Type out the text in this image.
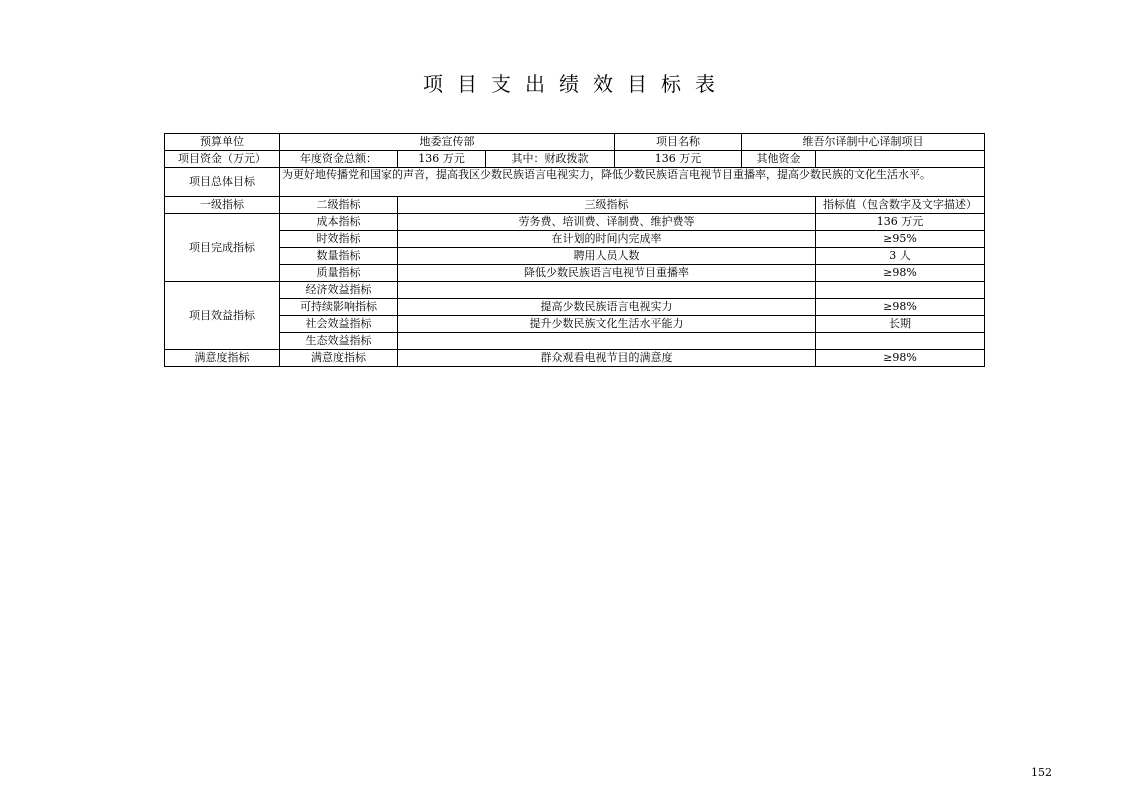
项目支出绩效目标表
预算单位	地委宣传部			项目名称	维吾尔译制中心译制项目	
项目资金（万元）	年度资金总额：	136 万元	其中：财政拨款	136 万元	其他资金	
项目总体目标	为更好地传播党和国家的声音，提高我区少数民族语言电视实力，降低少数民族语言电视节目重播率，提高少数民族的文化生活水平。					
一级指标	二级指标	三级指标				指标值（包含数字及文字描述）
项目完成指标	成本指标	劳务费、培训费、译制费、维护费等				136 万元
	时效指标	在计划的时间内完成率				≥95%
	数量指标	聘用人员人数				3 人
	质量指标	降低少数民族语言电视节目重播率				≥98%
项目效益指标	经济效益指标					
	可持续影响指标	提高少数民族语言电视实力				≥98%
	社会效益指标	提升少数民族文化生活水平能力				长期
	生态效益指标					
满意度指标	满意度指标	群众观看电视节目的满意度				≥98%
152
